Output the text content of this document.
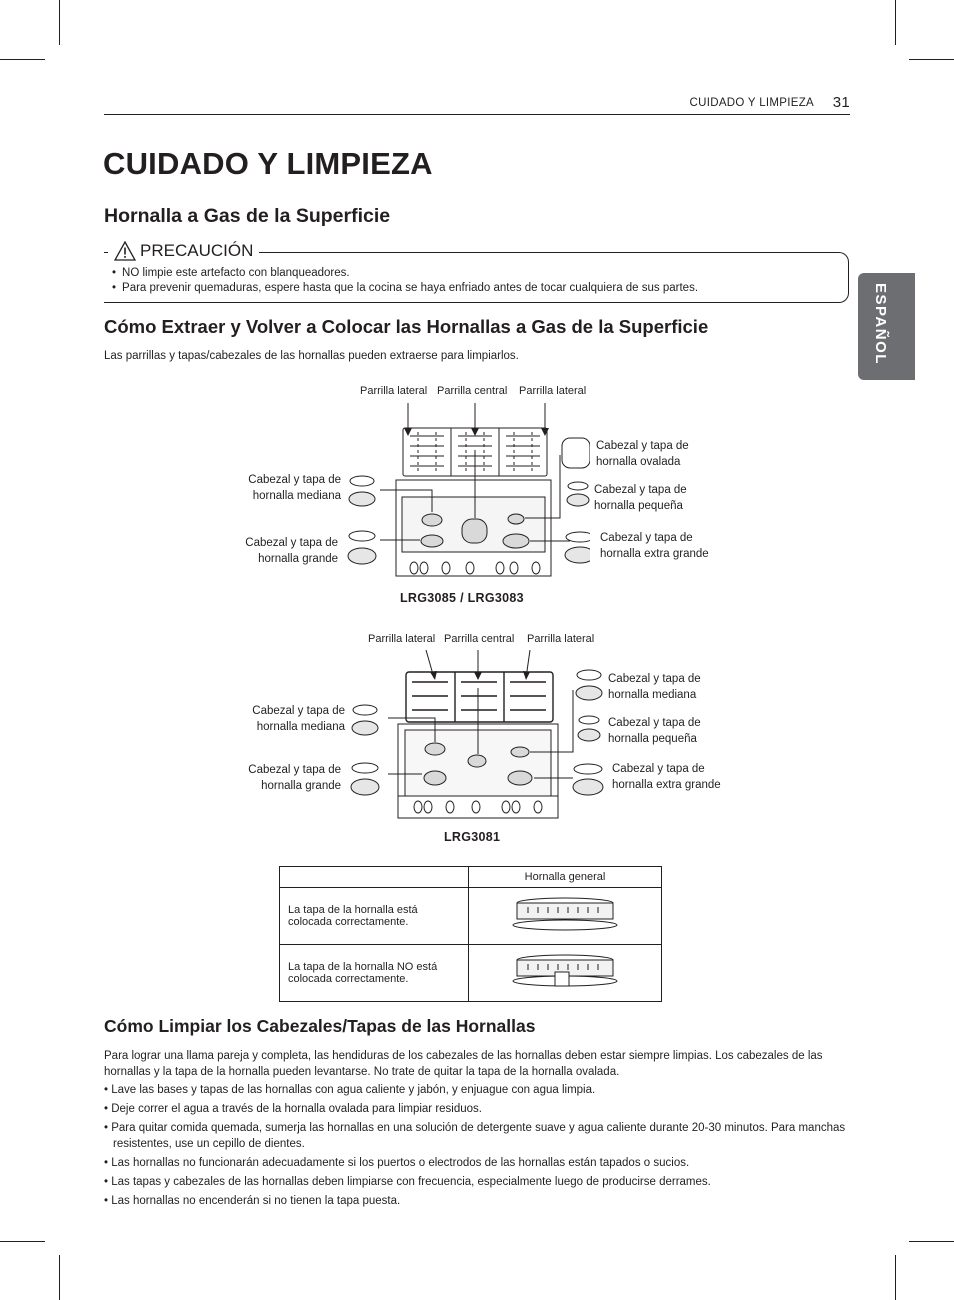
CUIDADO Y LIMPIEZA 31
ESPAÑOL
CUIDADO Y LIMPIEZA
Hornalla a Gas de la Superficie
PRECAUCIÓN
• NO limpie este artefacto con blanqueadores.
• Para prevenir quemaduras, espere hasta que la cocina se haya enfriado antes de tocar cualquiera de sus partes.
Cómo Extraer y Volver a Colocar las Hornallas a Gas de la Superficie
Las parrillas y tapas/cabezales de las hornallas pueden extraerse para limpiarlos.
Parrilla lateral Parrilla central Parrilla lateral
Cabezal y tapa de
hornalla mediana
Cabezal y tapa de
hornalla grande
Cabezal y tapa de
hornalla ovalada
Cabezal y tapa de
hornalla pequeña
Cabezal y tapa de
hornalla extra grande
LRG3085 / LRG3083
Parrilla lateral Parrilla central Parrilla lateral
Cabezal y tapa de
hornalla mediana
Cabezal y tapa de
hornalla grande
Cabezal y tapa de
hornalla mediana
Cabezal y tapa de
hornalla pequeña
Cabezal y tapa de
hornalla extra grande
LRG3081
	Hornalla general
La tapa de la hornalla está colocada correctamente.	
La tapa de la hornalla NO está colocada correctamente.	
Cómo Limpiar los Cabezales/Tapas de las Hornallas
Para lograr una llama pareja y completa, las hendiduras de los cabezales de las hornallas deben estar siempre limpias. Los cabezales de las hornallas y la tapa de la hornalla pueden levantarse. No trate de quitar la tapa de la hornalla ovalada.
• Lave las bases y tapas de las hornallas con agua caliente y jabón, y enjuague con agua limpia.
• Deje correr el agua a través de la hornalla ovalada para limpiar residuos.
• Para quitar comida quemada, sumerja las hornallas en una solución de detergente suave y agua caliente durante 20-30 minutos. Para manchas resistentes, use un cepillo de dientes.
• Las hornallas no funcionarán adecuadamente si los puertos o electrodos de las hornallas están tapados o sucios.
• Las tapas y cabezales de las hornallas deben limpiarse con frecuencia, especialmente luego de producirse derrames.
• Las hornallas no encenderán si no tienen la tapa puesta.
